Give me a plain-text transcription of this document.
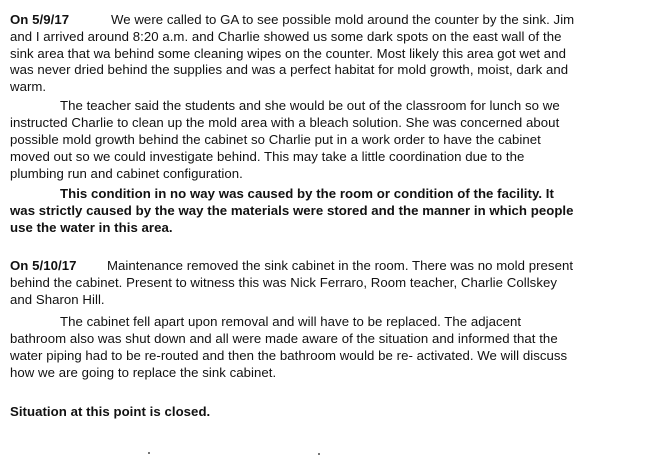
On 5/9/17	We were called to GA to see possible mold around the counter by the sink. Jim
and I arrived around 8:20 a.m. and Charlie showed us some dark spots on the east wall of the
sink area that wa behind some cleaning wipes on the counter. Most likely this area got wet and
was never dried behind the supplies and was a perfect habitat for mold growth, moist, dark and
warm.
The teacher said the students and she would be out of the classroom for lunch so we
instructed Charlie to clean up the mold area with a bleach solution. She was concerned about
possible mold growth behind the cabinet so Charlie put in a work order to have the cabinet
moved out so we could investigate behind. This may take a little coordination due to the
plumbing run and cabinet configuration.
This condition in no way was caused by the room or condition of the facility. It
was strictly caused by the way the materials were stored and the manner in which people
use the water in this area.
On 5/10/17 Maintenance removed the sink cabinet in the room. There was no mold present
behind the cabinet. Present to witness this was Nick Ferraro, Room teacher, Charlie Collskey
and Sharon Hill.
The cabinet fell apart upon removal and will have to be replaced. The adjacent
bathroom also was shut down and all were made aware of the situation and informed that the
water piping had to be re-routed and then the bathroom would be re- activated. We will discuss
how we are going to replace the sink cabinet.
Situation at this point is closed.
